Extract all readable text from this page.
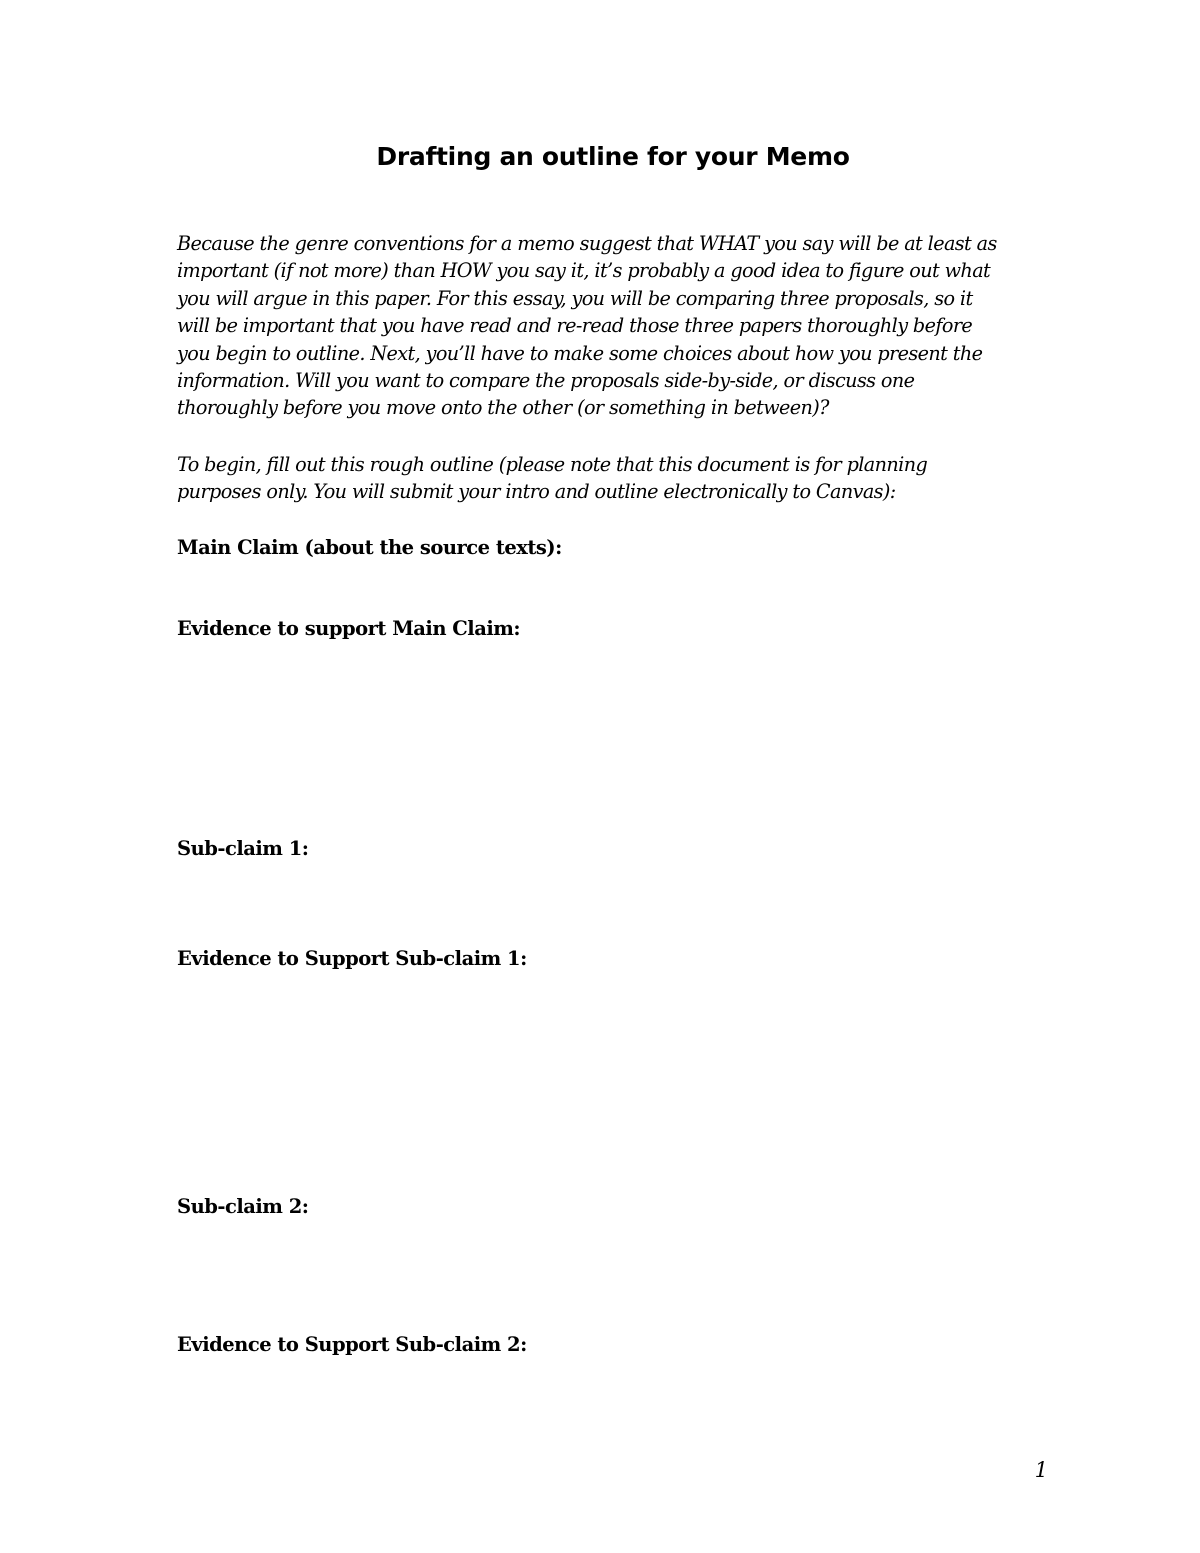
Drafting an outline for your Memo
Because the genre conventions for a memo suggest that WHAT you say will be at least as
important (if not more) than HOW you say it, it’s probably a good idea to figure out what
you will argue in this paper. For this essay, you will be comparing three proposals, so it
will be important that you have read and re-read those three papers thoroughly before
you begin to outline. Next, you’ll have to make some choices about how you present the
information. Will you want to compare the proposals side-by-side, or discuss one
thoroughly before you move onto the other (or something in between)?
To begin, fill out this rough outline (please note that this document is for planning
purposes only. You will submit your intro and outline electronically to Canvas):
Main Claim (about the source texts):
Evidence to support Main Claim:
Sub-claim 1:
Evidence to Support Sub-claim 1:
Sub-claim 2:
Evidence to Support Sub-claim 2:
1
